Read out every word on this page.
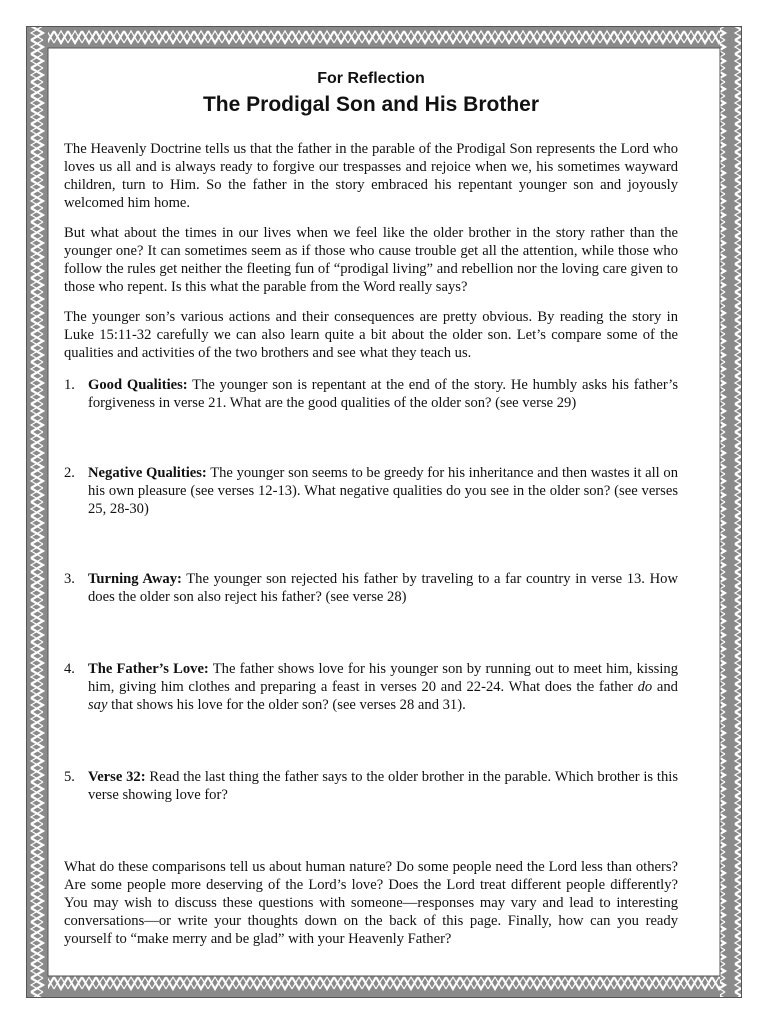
For Reflection
The Prodigal Son and His Brother

The Heavenly Doctrine tells us that the father in the parable of the Prodigal Son represents the Lord who loves us all and is always ready to forgive our trespasses and rejoice when we, his sometimes wayward children, turn to Him. So the father in the story embraced his repentant younger son and joyously welcomed him home.

But what about the times in our lives when we feel like the older brother in the story rather than the younger one? It can sometimes seem as if those who cause trouble get all the attention, while those who follow the rules get neither the fleeting fun of “prodigal living” and rebellion nor the loving care given to those who repent. Is this what the parable from the Word really says?

The younger son’s various actions and their consequences are pretty obvious. By reading the story in Luke 15:11-32 carefully we can also learn quite a bit about the older son. Let’s compare some of the qualities and activities of the two brothers and see what they teach us.

1. Good Qualities: The younger son is repentant at the end of the story. He humbly asks his father’s forgiveness in verse 21. What are the good qualities of the older son? (see verse 29)
2. Negative Qualities: The younger son seems to be greedy for his inheritance and then wastes it all on his own pleasure (see verses 12-13). What negative qualities do you see in the older son? (see verses 25, 28-30)
3. Turning Away: The younger son rejected his father by traveling to a far country in verse 13. How does the older son also reject his father? (see verse 28)
4. The Father’s Love: The father shows love for his younger son by running out to meet him, kissing him, giving him clothes and preparing a feast in verses 20 and 22-24. What does the father do and say that shows his love for the older son? (see verses 28 and 31).
5. Verse 32: Read the last thing the father says to the older brother in the parable. Which brother is this verse showing love for?

What do these comparisons tell us about human nature? Do some people need the Lord less than others? Are some people more deserving of the Lord’s love? Does the Lord treat different people differently? You may wish to discuss these questions with someone—responses may vary and lead to interesting conversations—or write your thoughts down on the back of this page. Finally, how can you ready yourself to “make merry and be glad” with your Heavenly Father?
